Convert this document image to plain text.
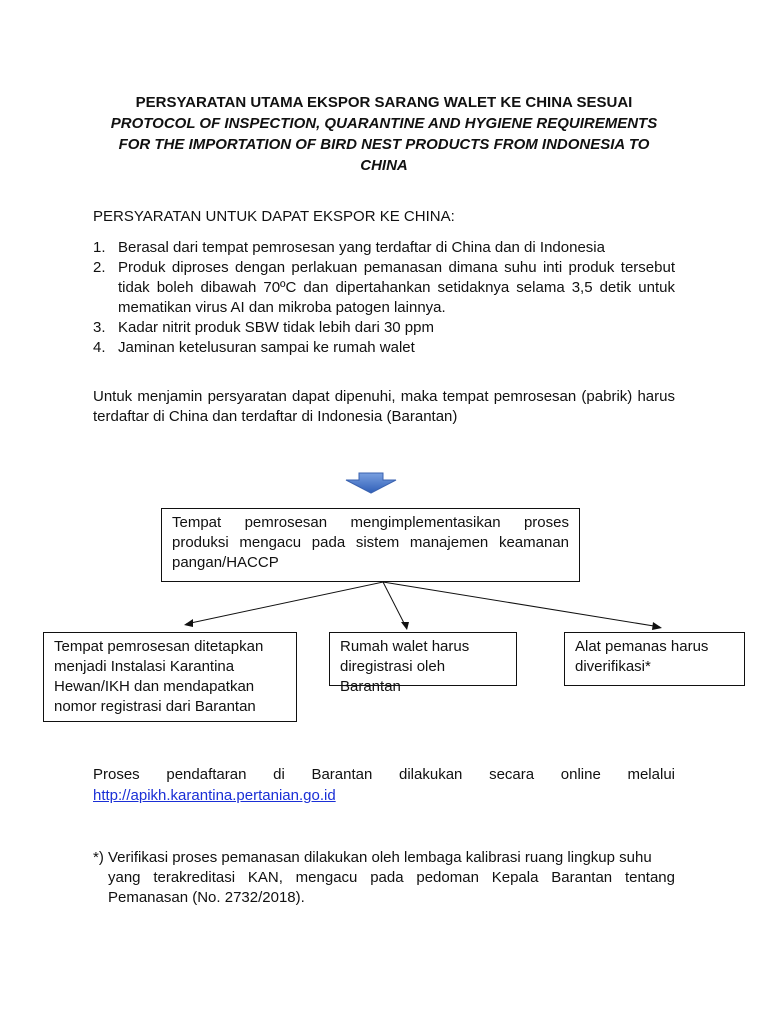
PERSYARATAN UTAMA EKSPOR SARANG WALET KE CHINA SESUAI
PROTOCOL OF INSPECTION, QUARANTINE AND HYGIENE REQUIREMENTS
FOR THE IMPORTATION OF BIRD NEST PRODUCTS FROM INDONESIA TO
CHINA
PERSYARATAN UNTUK DAPAT EKSPOR KE CHINA:
1. Berasal dari tempat pemrosesan yang terdaftar di China dan di Indonesia
2. Produk diproses dengan perlakuan pemanasan dimana suhu inti produk tersebut tidak boleh dibawah 70ºC dan dipertahankan setidaknya selama 3,5 detik untuk mematikan virus AI dan mikroba patogen lainnya.
3. Kadar nitrit produk SBW tidak lebih dari 30 ppm
4. Jaminan ketelusuran sampai ke rumah walet
Untuk menjamin persyaratan dapat dipenuhi, maka tempat pemrosesan (pabrik) harus terdaftar di China dan terdaftar di Indonesia (Barantan)
Tempat pemrosesan mengimplementasikan proses produksi mengacu pada sistem manajemen keamanan pangan/HACCP
Tempat pemrosesan ditetapkan menjadi Instalasi Karantina Hewan/IKH dan mendapatkan nomor registrasi dari Barantan
Rumah walet harus diregistrasi oleh Barantan
Alat pemanas harus diverifikasi*
Proses pendaftaran di Barantan dilakukan secara online melalui
http://apikh.karantina.pertanian.go.id
*) Verifikasi proses pemanasan dilakukan oleh lembaga kalibrasi ruang lingkup suhu
yang terakreditasi KAN, mengacu pada pedoman Kepala Barantan tentang Pemanasan (No. 2732/2018).
